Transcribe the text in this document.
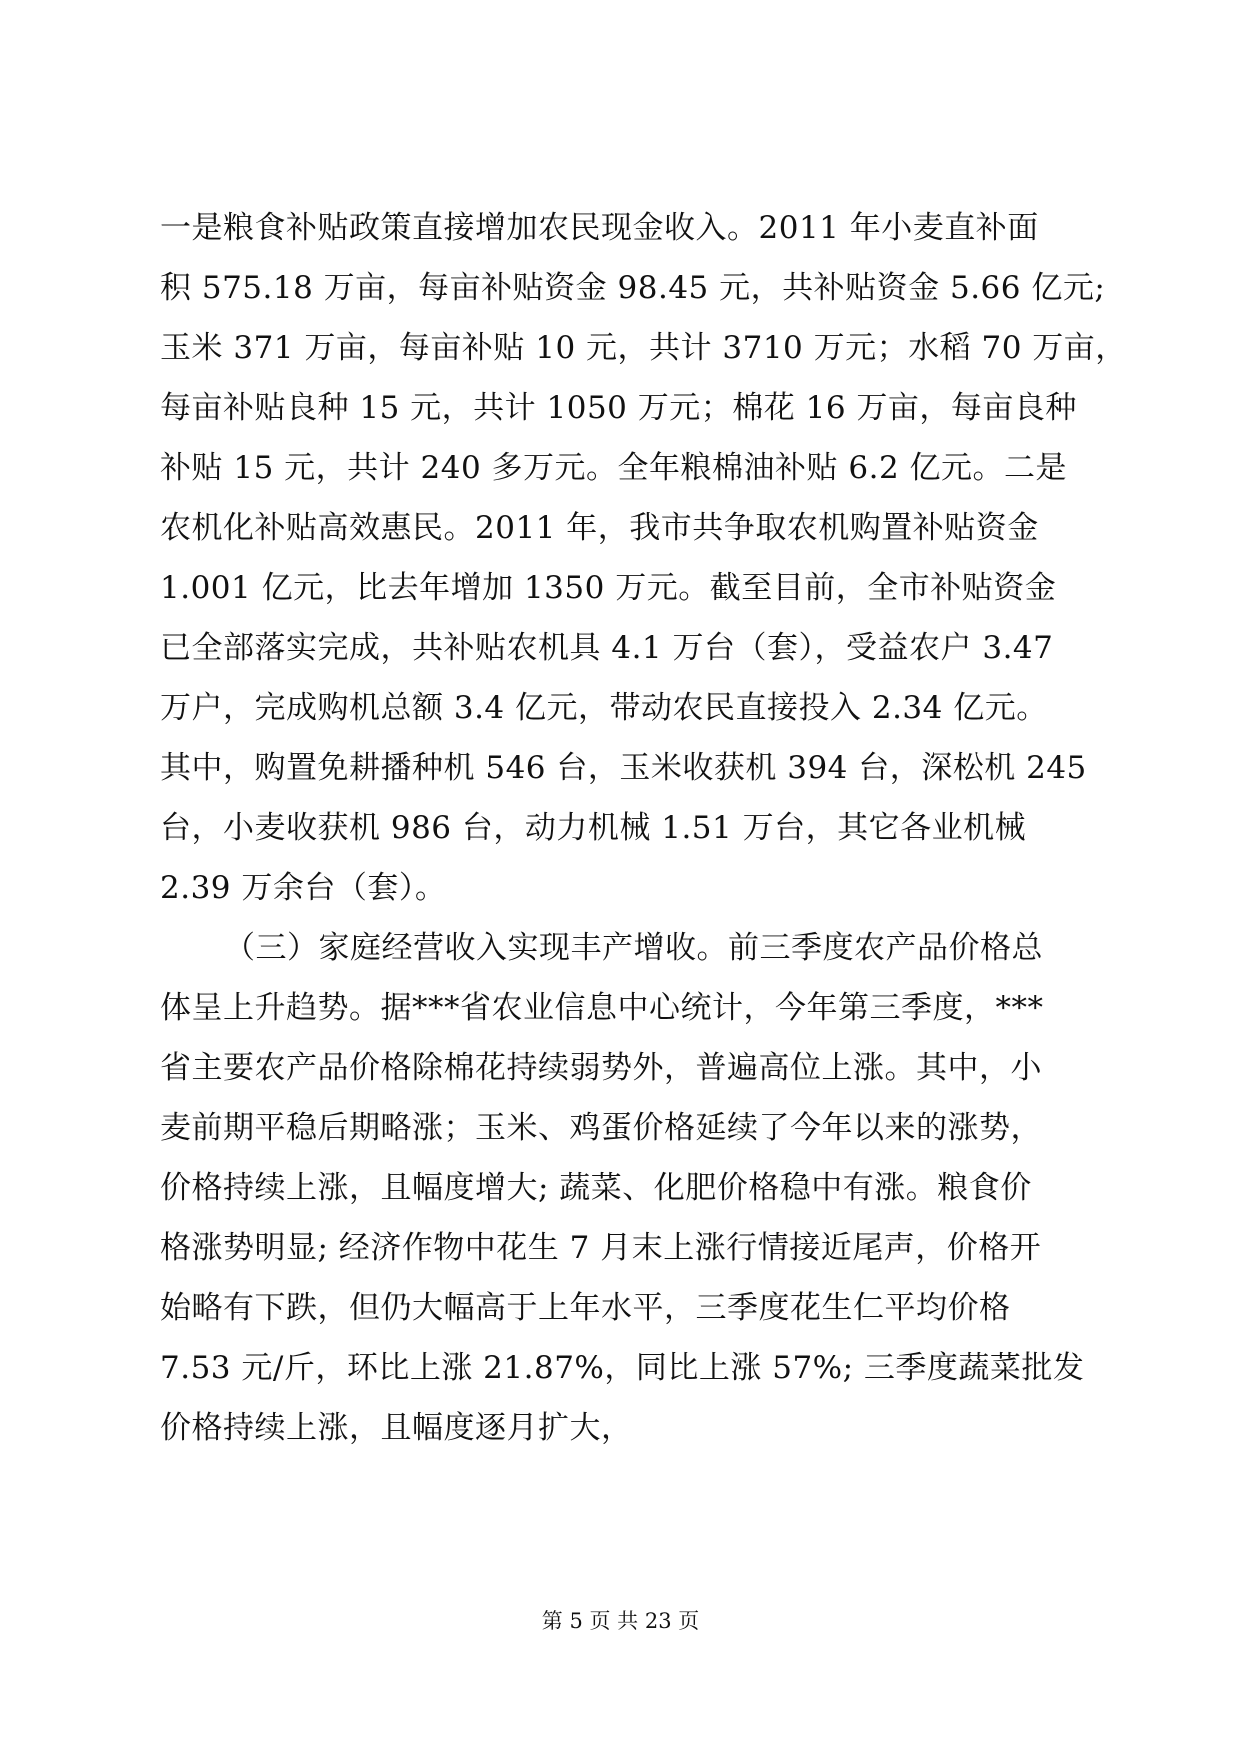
一是粮食补贴政策直接增加农民现金收入。2011 年小麦直补面
积 575.18 万亩，每亩补贴资金 98.45 元，共补贴资金 5.66 亿元;
玉米 371 万亩，每亩补贴 10 元，共计 3710 万元；水稻 70 万亩，
每亩补贴良种 15 元，共计 1050 万元；棉花 16 万亩，每亩良种
补贴 15 元，共计 240 多万元。全年粮棉油补贴 6.2 亿元。二是
农机化补贴高效惠民。2011 年，我市共争取农机购置补贴资金
1.001 亿元，比去年增加 1350 万元。截至目前，全市补贴资金
已全部落实完成，共补贴农机具 4.1 万台（套），受益农户 3.47
万户，完成购机总额 3.4 亿元，带动农民直接投入 2.34 亿元。
其中，购置免耕播种机 546 台，玉米收获机 394 台，深松机 245
台，小麦收获机 986 台，动力机械 1.51 万台，其它各业机械
2.39 万余台（套）。
（三）家庭经营收入实现丰产增收。前三季度农产品价格总
体呈上升趋势。据***省农业信息中心统计，今年第三季度，***
省主要农产品价格除棉花持续弱势外，普遍高位上涨。其中，小
麦前期平稳后期略涨；玉米、鸡蛋价格延续了今年以来的涨势，
价格持续上涨，且幅度增大; 蔬菜、化肥价格稳中有涨。粮食价
格涨势明显; 经济作物中花生 7 月末上涨行情接近尾声，价格开
始略有下跌，但仍大幅高于上年水平，三季度花生仁平均价格
7.53 元/斤，环比上涨 21.87%，同比上涨 57%; 三季度蔬菜批发
价格持续上涨，且幅度逐月扩大，
第 5 页 共 23 页
